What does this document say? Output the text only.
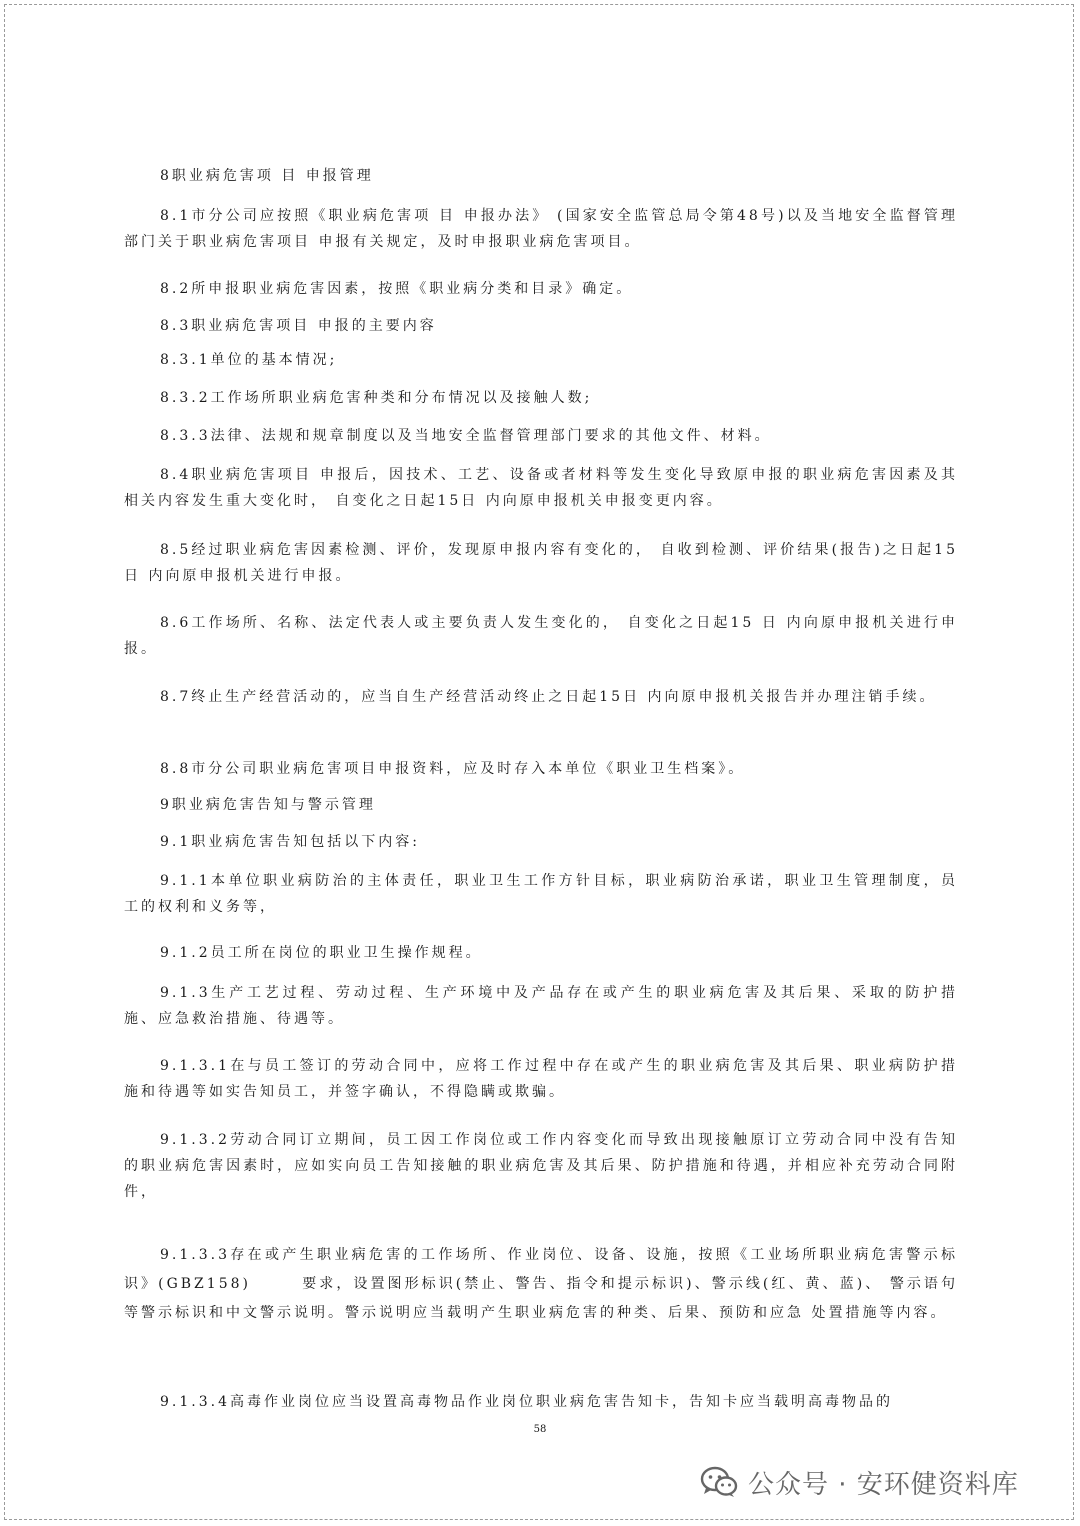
8职业病危害项 目 申报管理
8.1市分公司应按照《职业病危害项 目 申报办法》 (国家安全监管总局令第48号)以及当地安全监督管理部门关于职业病危害项目 申报有关规定，及时申报职业病危害项目。
8.2所申报职业病危害因素，按照《职业病分类和目录》确定。
8.3职业病危害项目 申报的主要内容
8.3.1单位的基本情况;
8.3.2工作场所职业病危害种类和分布情况以及接触人数;
8.3.3法律、法规和规章制度以及当地安全监督管理部门要求的其他文件、材料。
8.4职业病危害项目 申报后，因技术、工艺、设备或者材料等发生变化导致原申报的职业病危害因素及其相关内容发生重大变化时， 自变化之日起15日 内向原申报机关申报变更内容。
8.5经过职业病危害因素检测、评价，发现原申报内容有变化的， 自收到检测、评价结果(报告)之日起15日 内向原申报机关进行申报。
8.6工作场所、名称、法定代表人或主要负责人发生变化的， 自变化之日起15 日 内向原申报机关进行申报。
8.7终止生产经营活动的，应当自生产经营活动终止之日起15日 内向原申报机关报告并办理注销手续。
8.8市分公司职业病危害项目申报资料，应及时存入本单位《职业卫生档案》。
9职业病危害告知与警示管理
9.1职业病危害告知包括以下内容:
9.1.1本单位职业病防治的主体责任，职业卫生工作方针目标，职业病防治承诺，职业卫生管理制度，员工的权利和义务等，
9.1.2员工所在岗位的职业卫生操作规程。
9.1.3生产工艺过程、劳动过程、生产环境中及产品存在或产生的职业病危害及其后果、采取的防护措施、应急救治措施、待遇等。
9.1.3.1在与员工签订的劳动合同中，应将工作过程中存在或产生的职业病危害及其后果、职业病防护措施和待遇等如实告知员工，并签字确认，不得隐瞒或欺骗。
9.1.3.2劳动合同订立期间，员工因工作岗位或工作内容变化而导致出现接触原订立劳动合同中没有告知的职业病危害因素时，应如实向员工告知接触的职业病危害及其后果、防护措施和待遇，并相应补充劳动合同附件，
9.1.3.3存在或产生职业病危害的工作场所、作业岗位、设备、设施，按照《工业场所职业病危害警示标识》(GBZ158)　　　要求，设置图形标识(禁止、警告、指令和提示标识)、警示线(红、黄、蓝)、 警示语句等警示标识和中文警示说明。警示说明应当载明产生职业病危害的种类、后果、预防和应急 处置措施等内容。
9.1.3.4高毒作业岗位应当设置高毒物品作业岗位职业病危害告知卡，告知卡应当载明高毒物品的
58
公众号 · 安环健资料库
